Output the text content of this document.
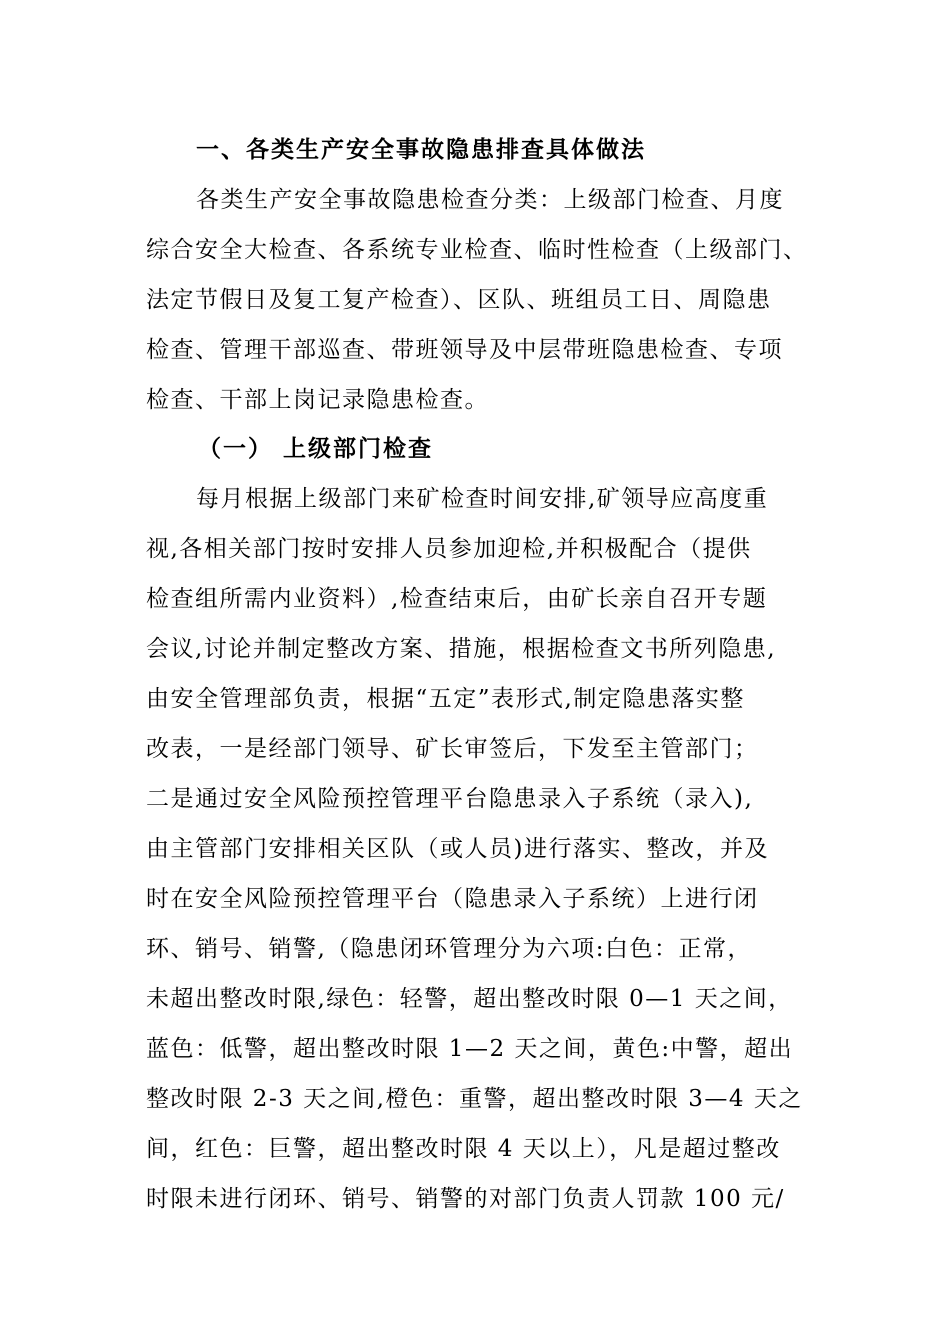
一、各类生产安全事故隐患排查具体做法
各类生产安全事故隐患检查分类：上级部门检查、月度
综合安全大检查、各系统专业检查、临时性检查（上级部门、
法定节假日及复工复产检查）、区队、班组员工日、周隐患
检查、管理干部巡查、带班领导及中层带班隐患检查、专项
检查、干部上岗记录隐患检查。
（一） 上级部门检查
每月根据上级部门来矿检查时间安排,矿领导应高度重
视,各相关部门按时安排人员参加迎检,并积极配合（提供
检查组所需内业资料）,检查结束后，由矿长亲自召开专题
会议,讨论并制定整改方案、措施，根据检查文书所列隐患,
由安全管理部负责，根据“五定”表形式,制定隐患落实整
改表，一是经部门领导、矿长审签后，下发至主管部门；
二是通过安全风险预控管理平台隐患录入子系统（录入),
由主管部门安排相关区队（或人员)进行落实、整改，并及
时在安全风险预控管理平台（隐患录入子系统）上进行闭
环、销号、销警,（隐患闭环管理分为六项:白色：正常，
未超出整改时限,绿色：轻警，超出整改时限 0—1 天之间，
蓝色：低警，超出整改时限 1—2 天之间，黄色:中警，超出
整改时限 2-3 天之间,橙色：重警，超出整改时限 3—4 天之
间，红色：巨警，超出整改时限 4 天以上），凡是超过整改
时限未进行闭环、销号、销警的对部门负责人罚款 100 元/
